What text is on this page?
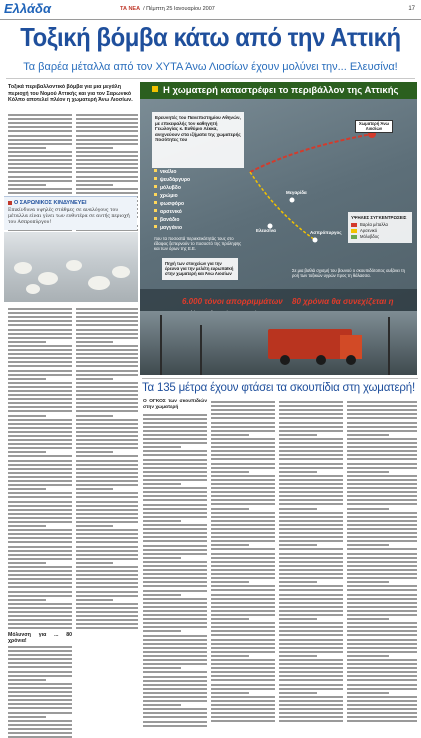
Ελλάδα	ΤΑ ΝΕΑ / Πέμπτη 25 Ιανουαρίου 2007	17
Τοξική βόμβα κάτω από την Αττική
Τα βαρέα μέταλλα από τον ΧΥΤΑ Άνω Λιοσίων έχουν μολύνει την... Ελευσίνα!
Τοξικά περιβαλλοντικό βόμβα για μια μεγάλη περιοχή του Νομού Αττικής και για τον Σαρωνικό Κόλπο αποτελεί πλέον η χωματερή Άνω Λιοσίων.
Ο ΣΑΡΩΝΙΚΟΣ ΚΙΝΔΥΝΕΥΕΙ
Επικίνδυνα υψηλές στάθμες σε αναλόγους του μέταλλα είναι γίνει των ευθυτέρα σε αυτής περιοχή του Ασπροπύργου!
Μόλυνση για ... 80 χρόνια!
Η χωματερή καταστρέφει το περιβάλλον της Αττικής
Ερευνητές του Πανεπιστημίου Αθηνών, με επικεφαλής τον καθηγητή Γεωλογίας κ. Ευθύμιο Λέκκα, ανιχνεύουν στα ιζήματα της χωματερής ποσότητες του
νικέλιο
ψευδάργυρο
μόλυβδο
χρώμιο
φωσφόρο
αρσενικό
βανάδιο
μαγγάνιο
που τα ποσοστά περιεκτικότητάς τους στο έδαφος ξεπερνούν το ποσοστό της πρόληψης και των όρων της Ε.Ε.
Πηγή των στοιχείων για την έρευνα για την μελέτη ευρωπαϊκή στην χωματερή και Άνω Λιοσίων
Χωματερή Άνω Λιοσίων
Μεγαρίδα
Ασπρόπυργος
Ελευσίνα
ΥΨΗΛΕΣ ΣΥΓΚΕΝΤΡΩΣΕΙΣ
Βαρέα μέταλλα
Αρσενικό
Μόλυβδος
Σε μια βαθιά σχισμή του βουνού ο σκουπιδότοπος αυξάνει τη ροή των τοξικών υγρών προς τη θάλασσα.
6.000 τόνοι απορριμμάτων 80 χρόνια θα συνεχίζεται η
Τα 135 μέτρα έχουν φτάσει τα σκουπίδια στη χωματερή!
Ο ΟΓΚΟΣ των σκουπιδιών στην χωματερή
